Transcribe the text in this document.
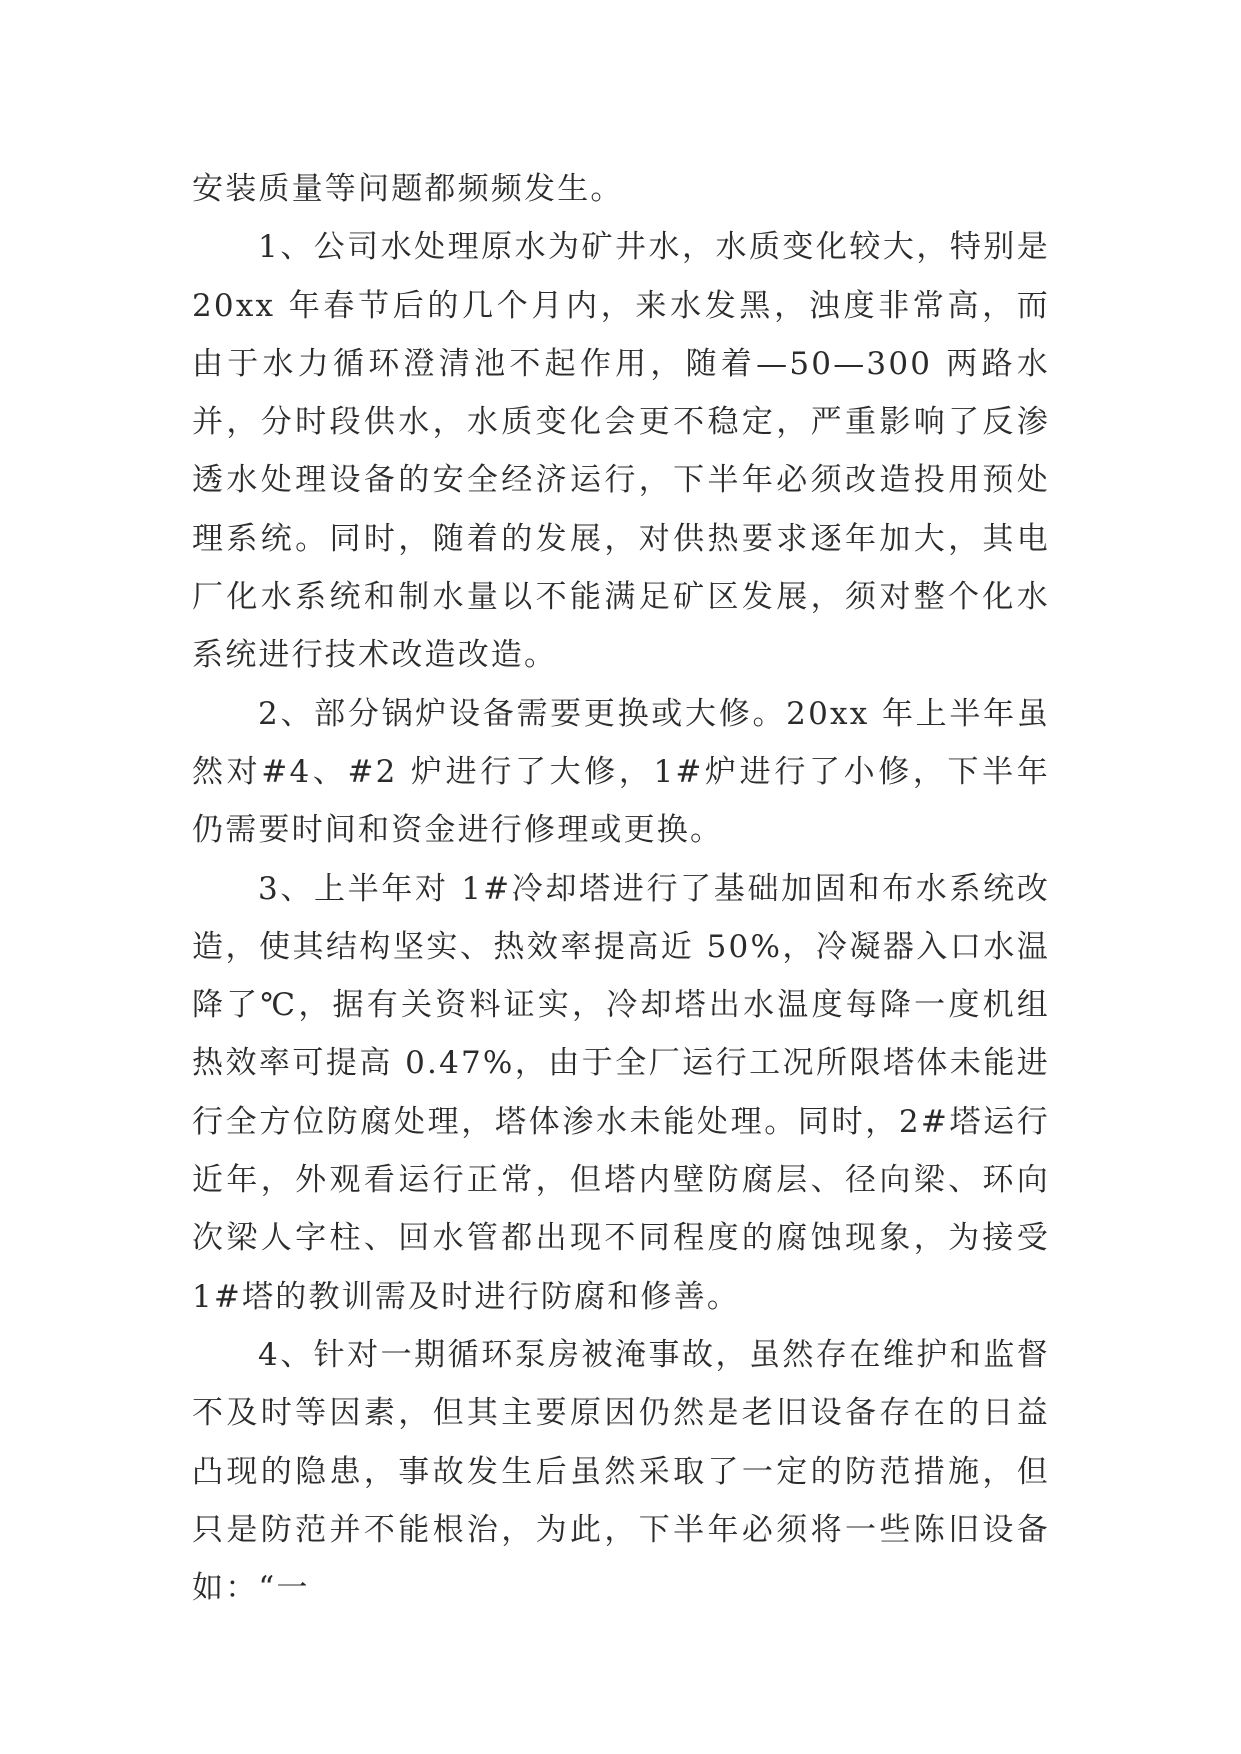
安装质量等问题都频频发生。

1、公司水处理原水为矿井水，水质变化较大，特别是20xx 年春节后的几个月内，来水发黑，浊度非常高，而由于水力循环澄清池不起作用，随着—50—300 两路水并，分时段供水，水质变化会更不稳定，严重影响了反渗透水处理设备的安全经济运行，下半年必须改造投用预处理系统。同时，随着的发展，对供热要求逐年加大，其电厂化水系统和制水量以不能满足矿区发展，须对整个化水系统进行技术改造改造。

2、部分锅炉设备需要更换或大修。20xx 年上半年虽然对#4、#2 炉进行了大修，1#炉进行了小修，下半年仍需要时间和资金进行修理或更换。

3、上半年对 1#冷却塔进行了基础加固和布水系统改造，使其结构坚实、热效率提高近 50%，冷凝器入口水温降了℃，据有关资料证实，冷却塔出水温度每降一度机组热效率可提高 0.47%，由于全厂运行工况所限塔体未能进行全方位防腐处理，塔体渗水未能处理。同时，2#塔运行近年，外观看运行正常，但塔内壁防腐层、径向梁、环向次梁人字柱、回水管都出现不同程度的腐蚀现象，为接受 1#塔的教训需及时进行防腐和修善。

4、针对一期循环泵房被淹事故，虽然存在维护和监督不及时等因素，但其主要原因仍然是老旧设备存在的日益凸现的隐患，事故发生后虽然采取了一定的防范措施，但只是防范并不能根治，为此，下半年必须将一些陈旧设备如：“一
